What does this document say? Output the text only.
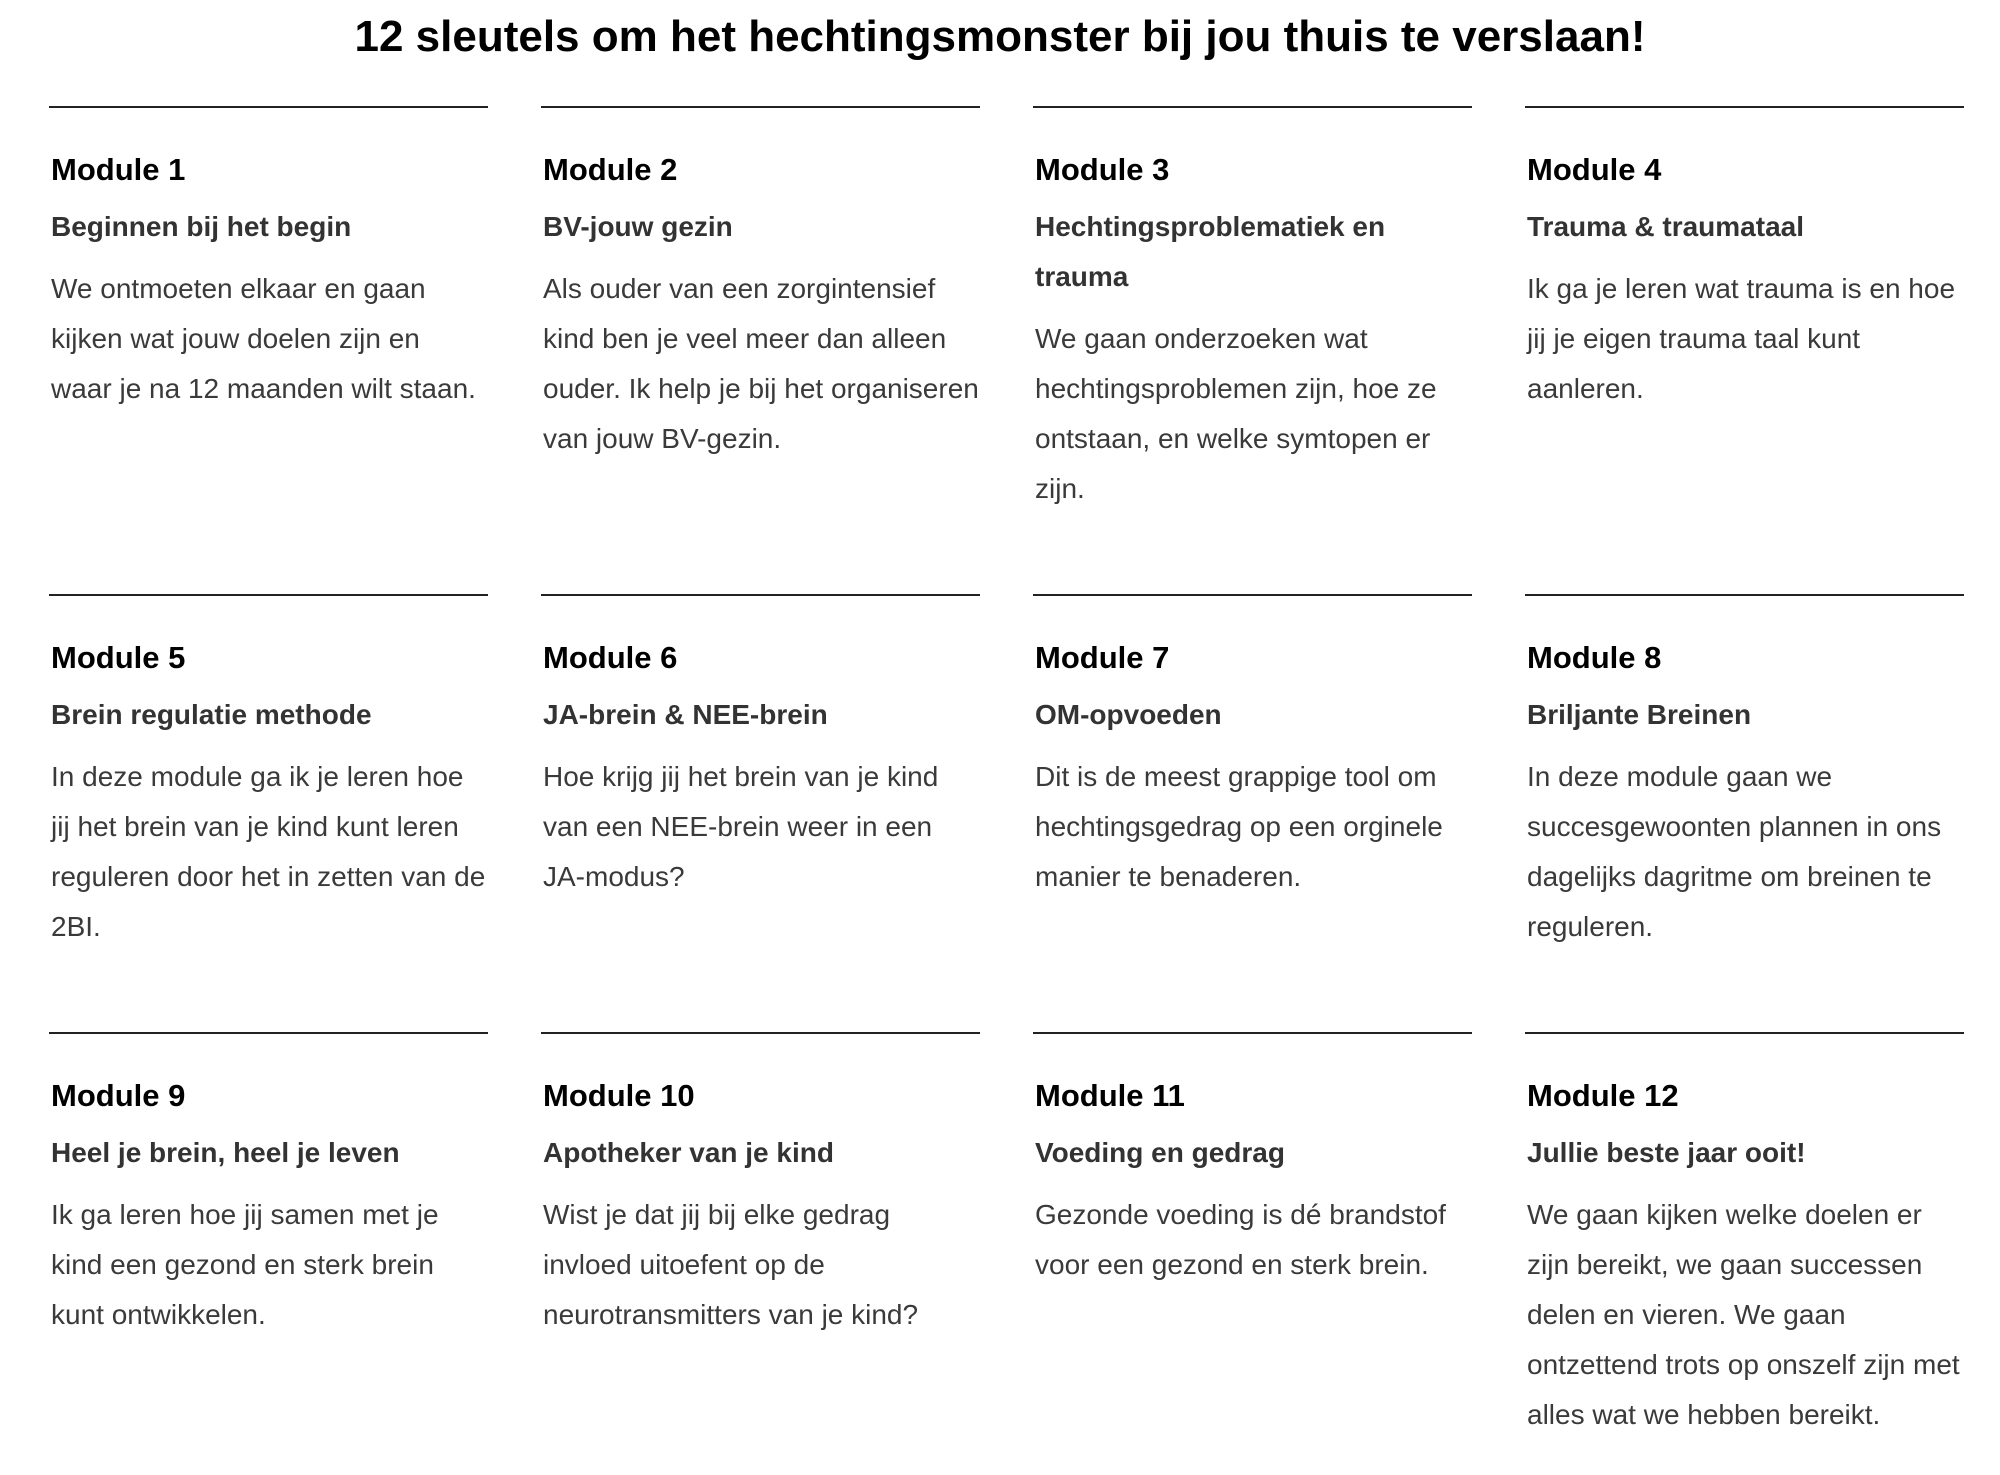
12 sleutels om het hechtingsmonster bij jou thuis te verslaan!
Module 1
Beginnen bij het begin
We ontmoeten elkaar en gaan kijken wat jouw doelen zijn en waar je na 12 maanden wilt staan.
Module 2
BV-jouw gezin
Als ouder van een zorgintensief kind ben je veel meer dan alleen ouder. Ik help je bij het organiseren van jouw BV-gezin.
Module 3
Hechtingsproblematiek en trauma
We gaan onderzoeken wat hechtingsproblemen zijn, hoe ze ontstaan, en welke symtopen er zijn.
Module 4
Trauma & traumataal
Ik ga je leren wat trauma is en hoe jij je eigen trauma taal kunt aanleren.
Module 5
Brein regulatie methode
In deze module ga ik je leren hoe jij het brein van je kind kunt leren reguleren door het in zetten van de 2BI.
Module 6
JA-brein & NEE-brein
Hoe krijg jij het brein van je kind van een NEE-brein weer in een JA-modus?
Module 7
OM-opvoeden
Dit is de meest grappige tool om hechtingsgedrag op een orginele manier te benaderen.
Module 8
Briljante Breinen
In deze module gaan we succesgewoonten plannen in ons dagelijks dagritme om breinen te reguleren.
Module 9
Heel je brein, heel je leven
Ik ga leren hoe jij samen met je kind een gezond en sterk brein kunt ontwikkelen.
Module 10
Apotheker van je kind
Wist je dat jij bij elke gedrag invloed uitoefent op de neurotransmitters van je kind?
Module 11
Voeding en gedrag
Gezonde voeding is dé brandstof voor een gezond en sterk brein.
Module 12
Jullie beste jaar ooit!
We gaan kijken welke doelen er zijn bereikt, we gaan successen delen en vieren. We gaan ontzettend trots op onszelf zijn met alles wat we hebben bereikt.
